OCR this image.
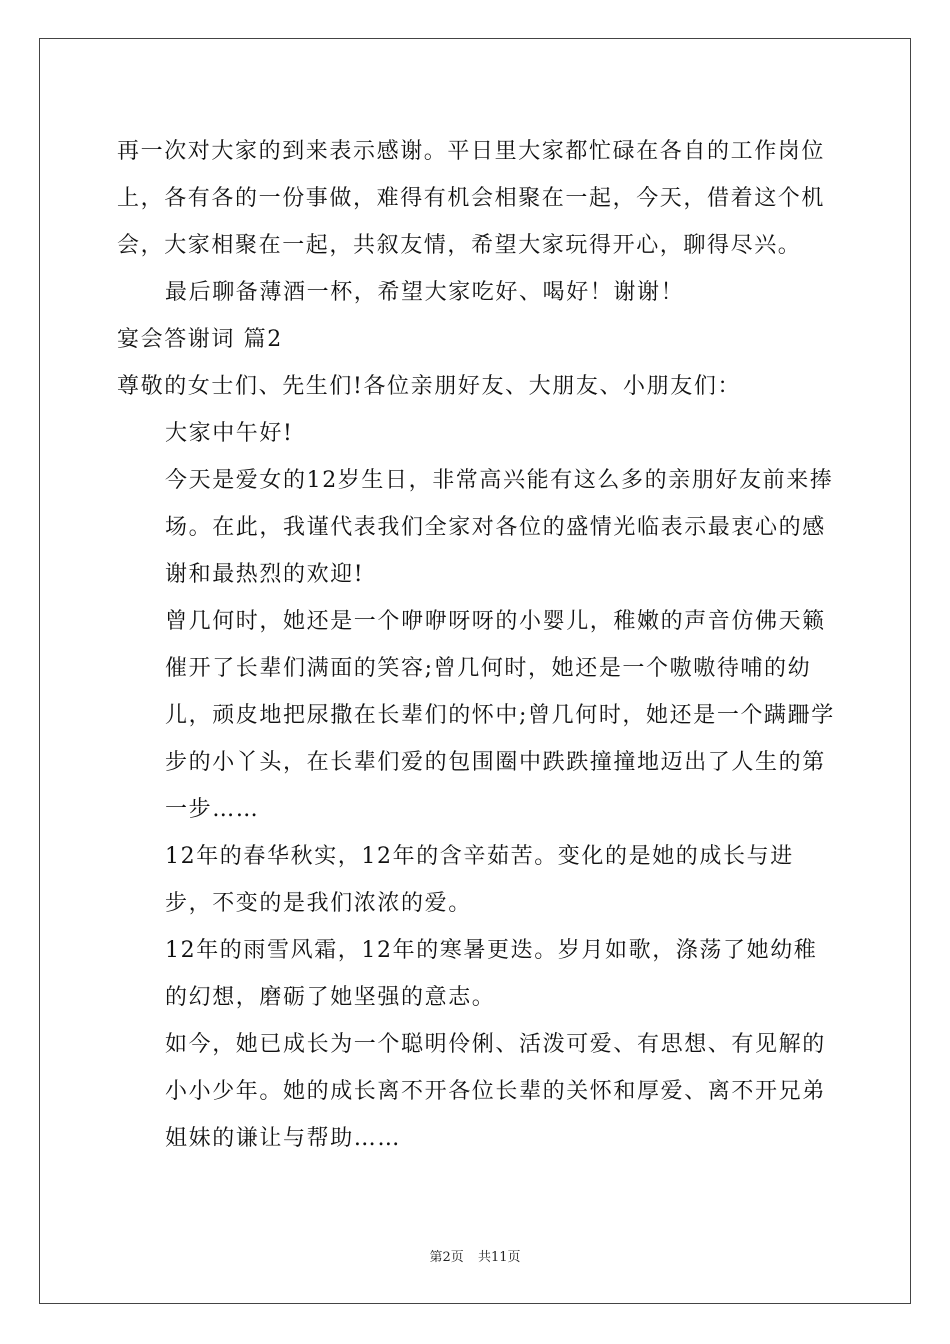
再一次对大家的到来表示感谢。平日里大家都忙碌在各自的工作岗位上，各有各的一份事做，难得有机会相聚在一起，今天，借着这个机会，大家相聚在一起，共叙友情，希望大家玩得开心，聊得尽兴。

最后聊备薄酒一杯，希望大家吃好、喝好！谢谢！

宴会答谢词 篇2

尊敬的女士们、先生们!各位亲朋好友、大朋友、小朋友们：

大家中午好!

今天是爱女的12岁生日，非常高兴能有这么多的亲朋好友前来捧场。在此，我谨代表我们全家对各位的盛情光临表示最衷心的感谢和最热烈的欢迎!

曾几何时，她还是一个咿咿呀呀的小婴儿，稚嫩的声音仿佛天籁催开了长辈们满面的笑容;曾几何时，她还是一个嗷嗷待哺的幼儿，顽皮地把尿撒在长辈们的怀中;曾几何时，她还是一个蹒跚学步的小丫头，在长辈们爱的包围圈中跌跌撞撞地迈出了人生的第一步……

12年的春华秋实，12年的含辛茹苦。变化的是她的成长与进步，不变的是我们浓浓的爱。

12年的雨雪风霜，12年的寒暑更迭。岁月如歌，涤荡了她幼稚的幻想，磨砺了她坚强的意志。

如今，她已成长为一个聪明伶俐、活泼可爱、有思想、有见解的小小少年。她的成长离不开各位长辈的关怀和厚爱、离不开兄弟姐妹的谦让与帮助……

第2页 共11页
